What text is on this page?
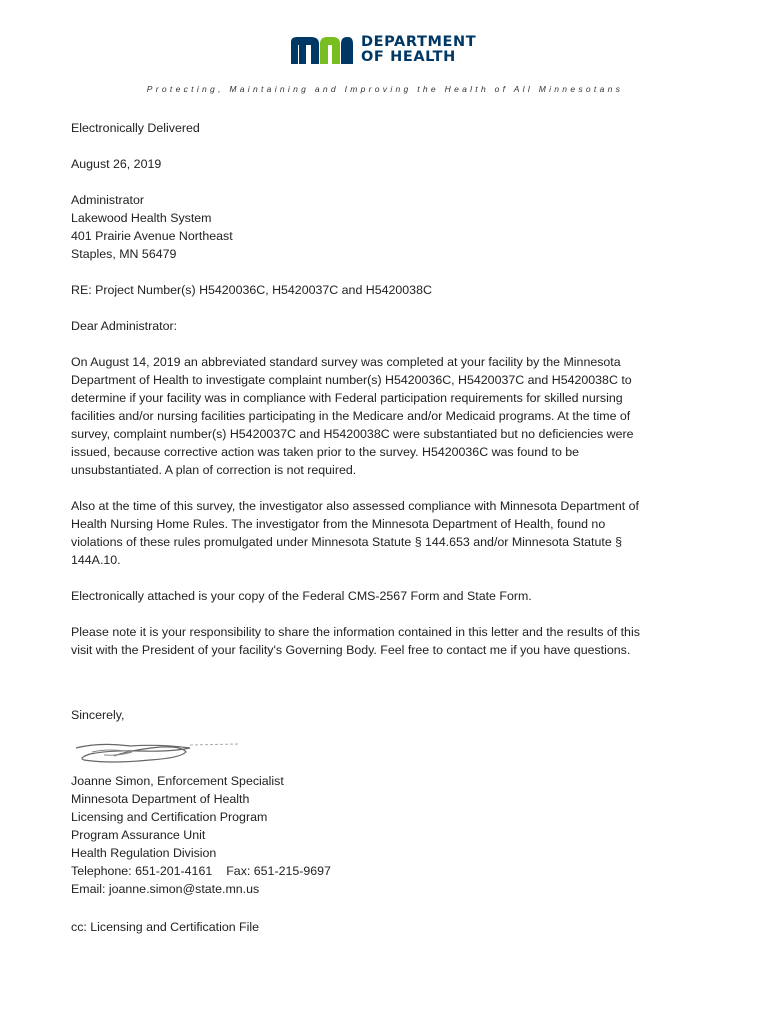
DEPARTMENT
OF HEALTH
Protecting, Maintaining and Improving the Health of All Minnesotans

Electronically Delivered

August 26, 2019

Administrator
Lakewood Health System
401 Prairie Avenue Northeast
Staples, MN 56479

RE: Project Number(s) H5420036C, H5420037C and H5420038C

Dear Administrator:

On August 14, 2019 an abbreviated standard survey was completed at your facility by the Minnesota
Department of Health to investigate complaint number(s) H5420036C, H5420037C and H5420038C to
determine if your facility was in compliance with Federal participation requirements for skilled nursing
facilities and/or nursing facilities participating in the Medicare and/or Medicaid programs. At the time of
survey, complaint number(s) H5420037C and H5420038C were substantiated but no deficiencies were
issued, because corrective action was taken prior to the survey. H5420036C was found to be
unsubstantiated. A plan of correction is not required.

Also at the time of this survey, the investigator also assessed compliance with Minnesota Department of
Health Nursing Home Rules. The investigator from the Minnesota Department of Health, found no
violations of these rules promulgated under Minnesota Statute § 144.653 and/or Minnesota Statute §
144A.10.

Electronically attached is your copy of the Federal CMS-2567 Form and State Form.

Please note it is your responsibility to share the information contained in this letter and the results of this
visit with the President of your facility's Governing Body. Feel free to contact me if you have questions.

Sincerely,
Joanne Simon, Enforcement Specialist
Minnesota Department of Health
Licensing and Certification Program
Program Assurance Unit
Health Regulation Division
Telephone: 651-201-4161 Fax: 651-215-9697
Email: joanne.simon@state.mn.us
cc: Licensing and Certification File
